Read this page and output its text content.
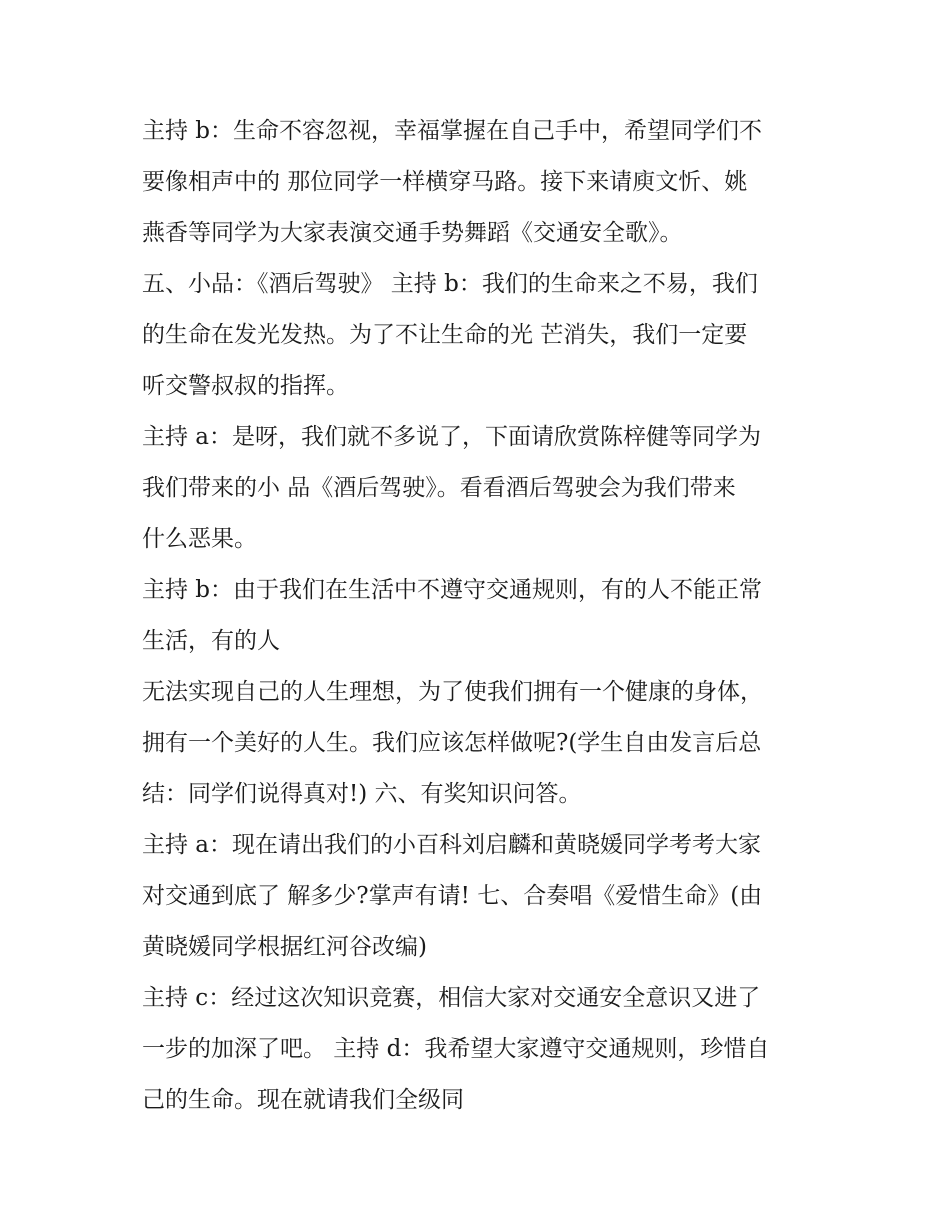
主持 b：生命不容忽视，幸福掌握在自己手中，希望同学们不
要像相声中的 那位同学一样横穿马路。接下来请庾文忻、姚
燕香等同学为大家表演交通手势舞蹈《交通安全歌》。
五、小品：《酒后驾驶》 主持 b：我们的生命来之不易，我们
的生命在发光发热。为了不让生命的光 芒消失，我们一定要
听交警叔叔的指挥。
主持 a：是呀，我们就不多说了，下面请欣赏陈梓健等同学为
我们带来的小 品《酒后驾驶》。看看酒后驾驶会为我们带来
什么恶果。
主持 b：由于我们在生活中不遵守交通规则，有的人不能正常
生活，有的人
无法实现自己的人生理想，为了使我们拥有一个健康的身体，
拥有一个美好的人生。我们应该怎样做呢?(学生自由发言后总
结：同学们说得真对!) 六、有奖知识问答。
主持 a：现在请出我们的小百科刘启麟和黄晓媛同学考考大家
对交通到底了 解多少?掌声有请! 七、合奏唱《爱惜生命》(由
黄晓媛同学根据红河谷改编)
主持 c：经过这次知识竞赛，相信大家对交通安全意识又进了
一步的加深了吧。 主持 d：我希望大家遵守交通规则，珍惜自
己的生命。现在就请我们全级同
